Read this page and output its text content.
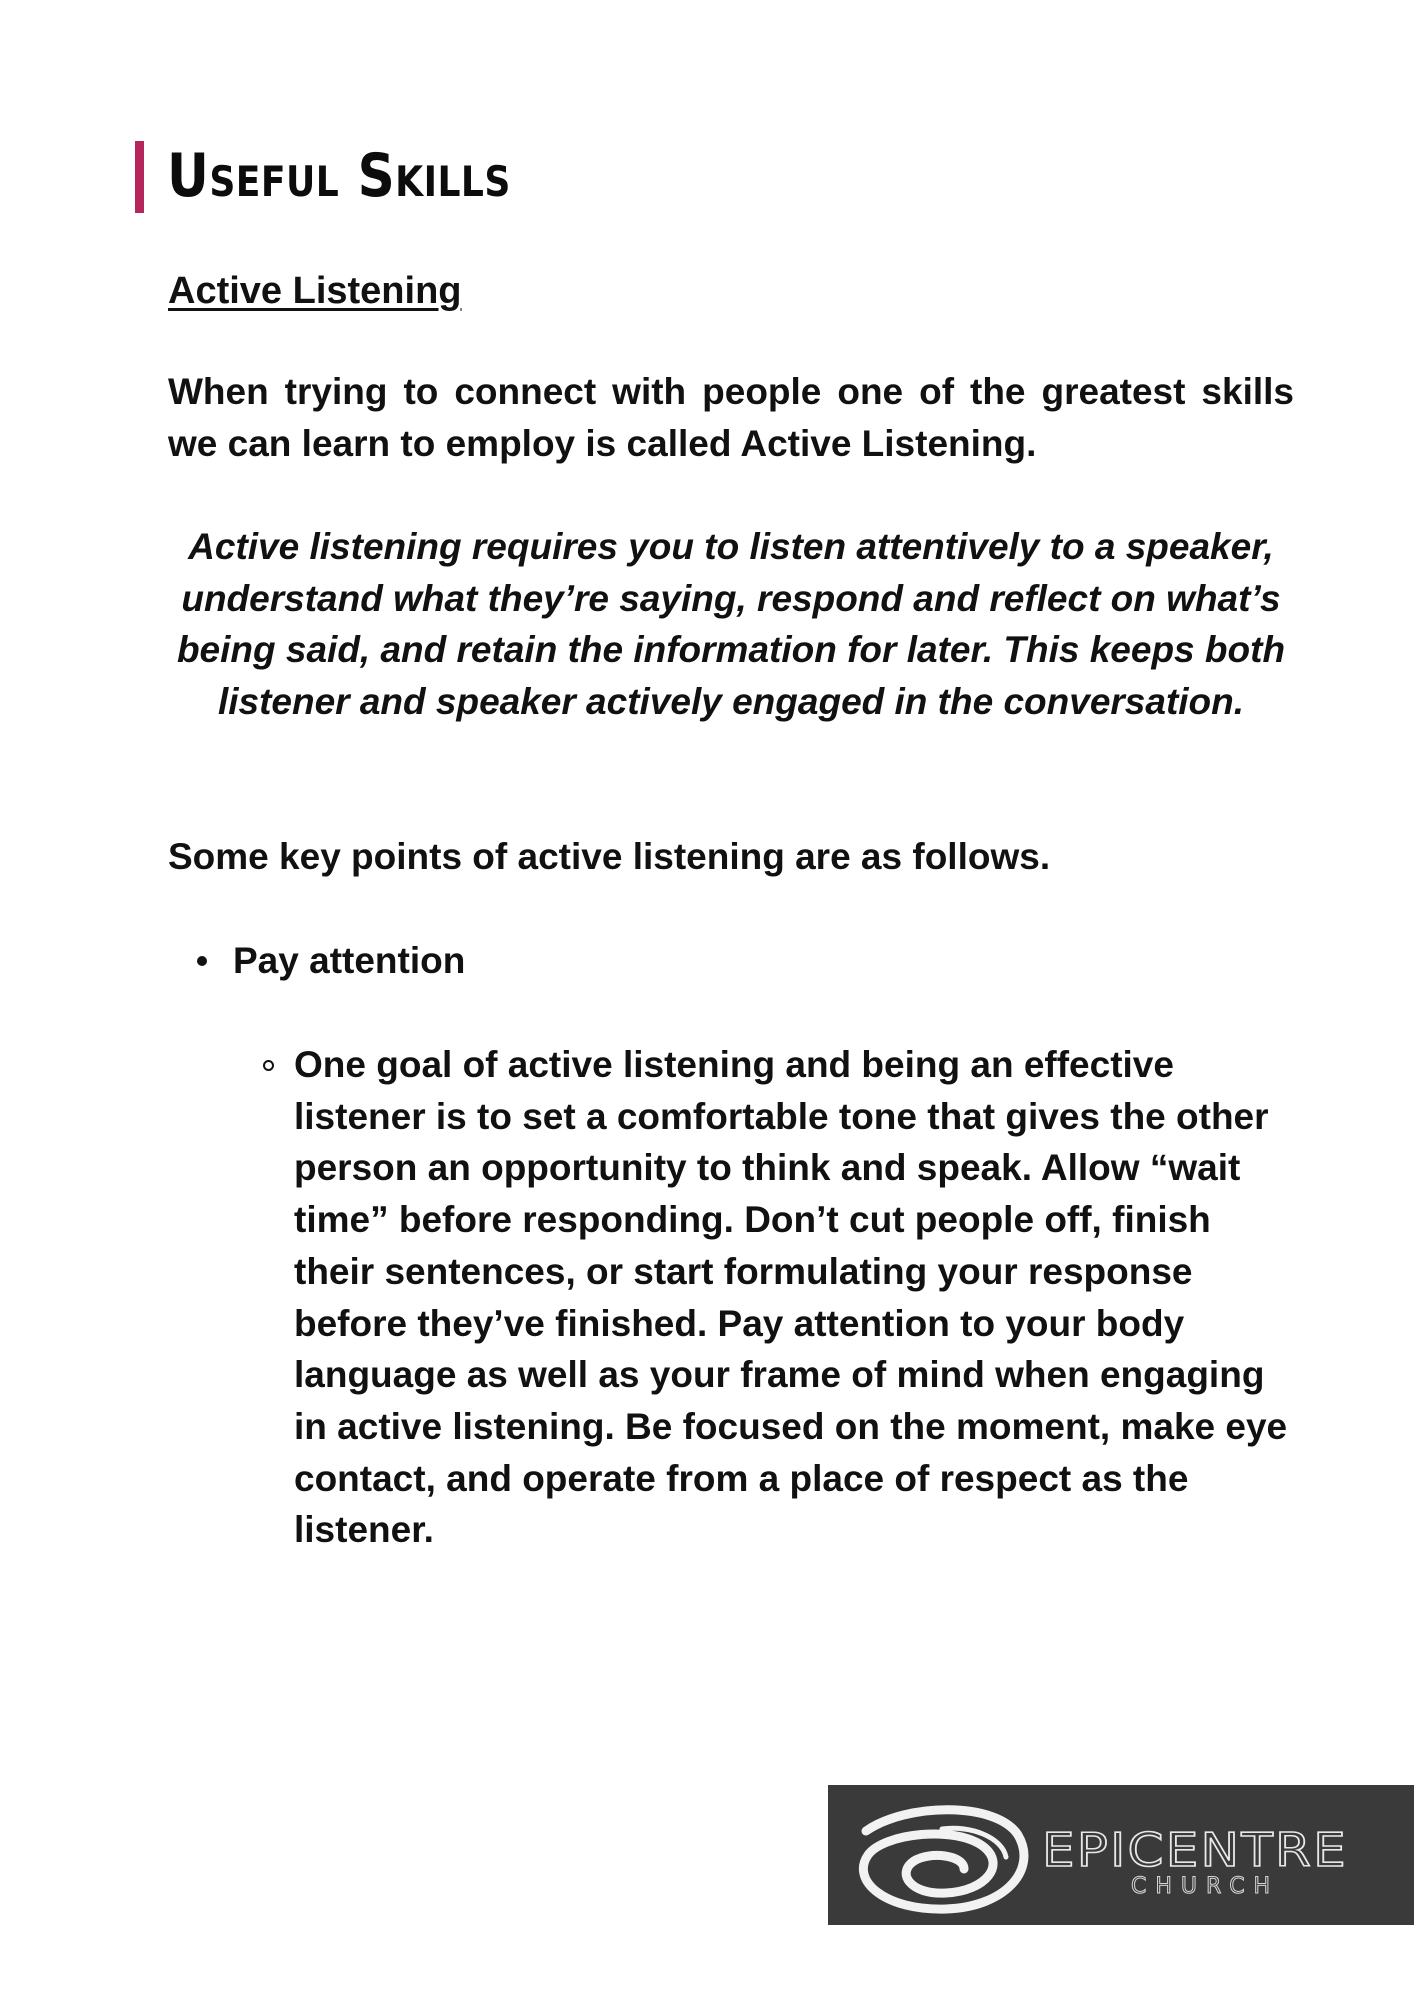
Useful Skills
Active Listening

When trying to connect with people one of the greatest skills we can learn to employ is called Active Listening.

Active listening requires you to listen attentively to a speaker, understand what they’re saying, respond and reflect on what’s being said, and retain the information for later. This keeps both listener and speaker actively engaged in the conversation.

Some key points of active listening are as follows.

Pay attention

One goal of active listening and being an effective listener is to set a comfortable tone that gives the other person an opportunity to think and speak. Allow “wait time” before responding. Don’t cut people off, finish their sentences, or start formulating your response before they’ve finished. Pay attention to your body language as well as your frame of mind when engaging in active listening. Be focused on the moment, make eye contact, and operate from a place of respect as the listener.

EPICENTRE
CHURCH
